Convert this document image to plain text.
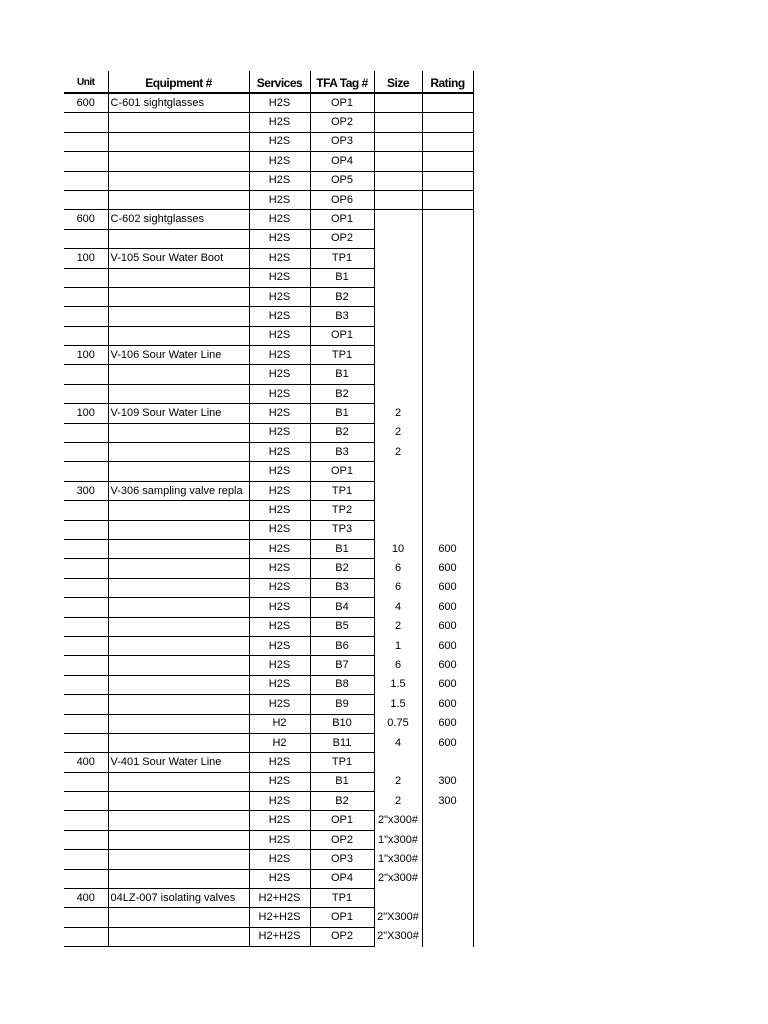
Unit	Equipment #	Services	TFA Tag #	Size	Rating
600	C-601 sightglasses	H2S	OP1		
		H2S	OP2		
		H2S	OP3		
		H2S	OP4		
		H2S	OP5		
		H2S	OP6		
600	C-602 sightglasses	H2S	OP1		
		H2S	OP2		
100	V-105 Sour Water Boot	H2S	TP1		
		H2S	B1		
		H2S	B2		
		H2S	B3		
		H2S	OP1		
100	V-106 Sour Water Line	H2S	TP1		
		H2S	B1		
		H2S	B2		
100	V-109 Sour Water Line	H2S	B1	2	
		H2S	B2	2	
		H2S	B3	2	
		H2S	OP1		
300	V-306 sampling valve repla	H2S	TP1		
		H2S	TP2		
		H2S	TP3		
		H2S	B1	10	600
		H2S	B2	6	600
		H2S	B3	6	600
		H2S	B4	4	600
		H2S	B5	2	600
		H2S	B6	1	600
		H2S	B7	6	600
		H2S	B8	1.5	600
		H2S	B9	1.5	600
		H2	B10	0.75	600
		H2	B11	4	600
400	V-401 Sour Water Line	H2S	TP1		
		H2S	B1	2	300
		H2S	B2	2	300
		H2S	OP1	2"x300#	
		H2S	OP2	1"x300#	
		H2S	OP3	1"x300#	
		H2S	OP4	2"x300#	
400	04LZ-007 isolating valves	H2+H2S	TP1		
		H2+H2S	OP1	2"X300#	
		H2+H2S	OP2	2"X300#	
